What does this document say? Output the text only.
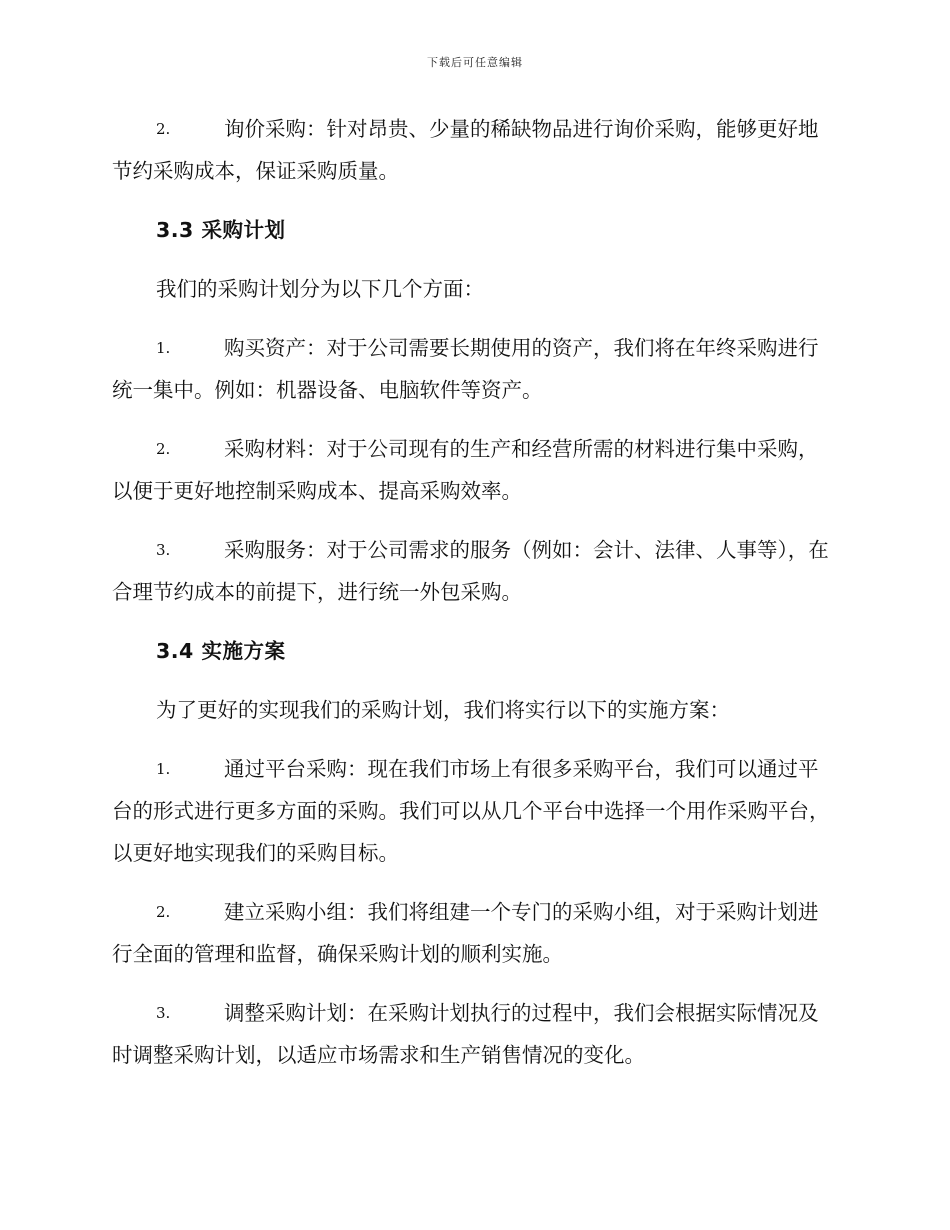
下载后可任意编辑

2.	询价采购：针对昂贵、少量的稀缺物品进行询价采购，能够更好地节约采购成本，保证采购质量。

3.3 采购计划

我们的采购计划分为以下几个方面：

1.	购买资产：对于公司需要长期使用的资产，我们将在年终采购进行统一集中。例如：机器设备、电脑软件等资产。

2.	采购材料：对于公司现有的生产和经营所需的材料进行集中采购，以便于更好地控制采购成本、提高采购效率。

3.	采购服务：对于公司需求的服务（例如：会计、法律、人事等），在合理节约成本的前提下，进行统一外包采购。

3.4 实施方案

为了更好的实现我们的采购计划，我们将实行以下的实施方案：

1.	通过平台采购：现在我们市场上有很多采购平台，我们可以通过平台的形式进行更多方面的采购。我们可以从几个平台中选择一个用作采购平台，以更好地实现我们的采购目标。

2.	建立采购小组：我们将组建一个专门的采购小组，对于采购计划进行全面的管理和监督，确保采购计划的顺利实施。

3.	调整采购计划：在采购计划执行的过程中，我们会根据实际情况及时调整采购计划，以适应市场需求和生产销售情况的变化。
